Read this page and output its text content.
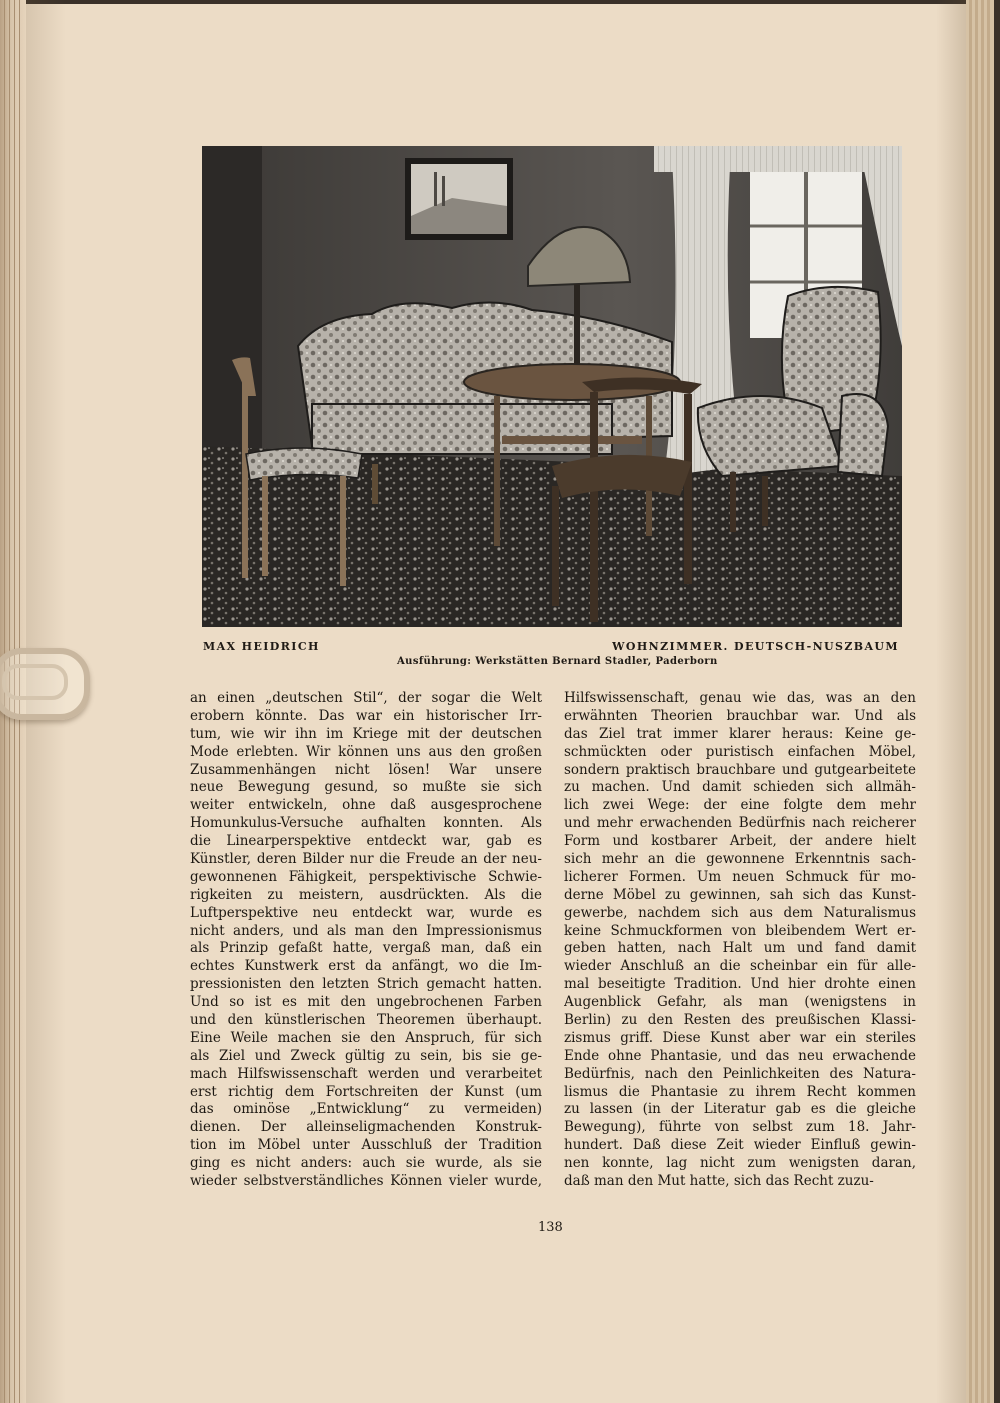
MAX HEIDRICH	WOHNZIMMER. DEUTSCH-NUSZBAUM
Ausführung: Werkstätten Bernard Stadler, Paderborn
an einen „deutschen Stil“, der sogar die Welt
erobern könnte. Das war ein historischer Irr-
tum, wie wir ihn im Kriege mit der deutschen
Mode erlebten. Wir können uns aus den großen
Zusammenhängen nicht lösen! War unsere
neue Bewegung gesund, so mußte sie sich
weiter entwickeln, ohne daß ausgesprochene
Homunkulus-Versuche aufhalten konnten. Als
die Linearperspektive entdeckt war, gab es
Künstler, deren Bilder nur die Freude an der neu-
gewonnenen Fähigkeit, perspektivische Schwie-
rigkeiten zu meistern, ausdrückten. Als die
Luftperspektive neu entdeckt war, wurde es
nicht anders, und als man den Impressionismus
als Prinzip gefaßt hatte, vergaß man, daß ein
echtes Kunstwerk erst da anfängt, wo die Im-
pressionisten den letzten Strich gemacht hatten.
Und so ist es mit den ungebrochenen Farben
und den künstlerischen Theoremen überhaupt.
Eine Weile machen sie den Anspruch, für sich
als Ziel und Zweck gültig zu sein, bis sie ge-
mach Hilfswissenschaft werden und verarbeitet
erst richtig dem Fortschreiten der Kunst (um
das ominöse „Entwicklung“ zu vermeiden)
dienen. Der alleinseligmachenden Konstruk-
tion im Möbel unter Ausschluß der Tradition
ging es nicht anders: auch sie wurde, als sie
wieder selbstverständliches Können vieler wurde,
Hilfswissenschaft, genau wie das, was an den
erwähnten Theorien brauchbar war. Und als
das Ziel trat immer klarer heraus: Keine ge-
schmückten oder puristisch einfachen Möbel,
sondern praktisch brauchbare und gutgearbeitete
zu machen. Und damit schieden sich allmäh-
lich zwei Wege: der eine folgte dem mehr
und mehr erwachenden Bedürfnis nach reicherer
Form und kostbarer Arbeit, der andere hielt
sich mehr an die gewonnene Erkenntnis sach-
licherer Formen. Um neuen Schmuck für mo-
derne Möbel zu gewinnen, sah sich das Kunst-
gewerbe, nachdem sich aus dem Naturalismus
keine Schmuckformen von bleibendem Wert er-
geben hatten, nach Halt um und fand damit
wieder Anschluß an die scheinbar ein für alle-
mal beseitigte Tradition. Und hier drohte einen
Augenblick Gefahr, als man (wenigstens in
Berlin) zu den Resten des preußischen Klassi-
zismus griff. Diese Kunst aber war ein steriles
Ende ohne Phantasie, und das neu erwachende
Bedürfnis, nach den Peinlichkeiten des Natura-
lismus die Phantasie zu ihrem Recht kommen
zu lassen (in der Literatur gab es die gleiche
Bewegung), führte von selbst zum 18. Jahr-
hundert. Daß diese Zeit wieder Einfluß gewin-
nen konnte, lag nicht zum wenigsten daran,
daß man den Mut hatte, sich das Recht zuzu-
138
